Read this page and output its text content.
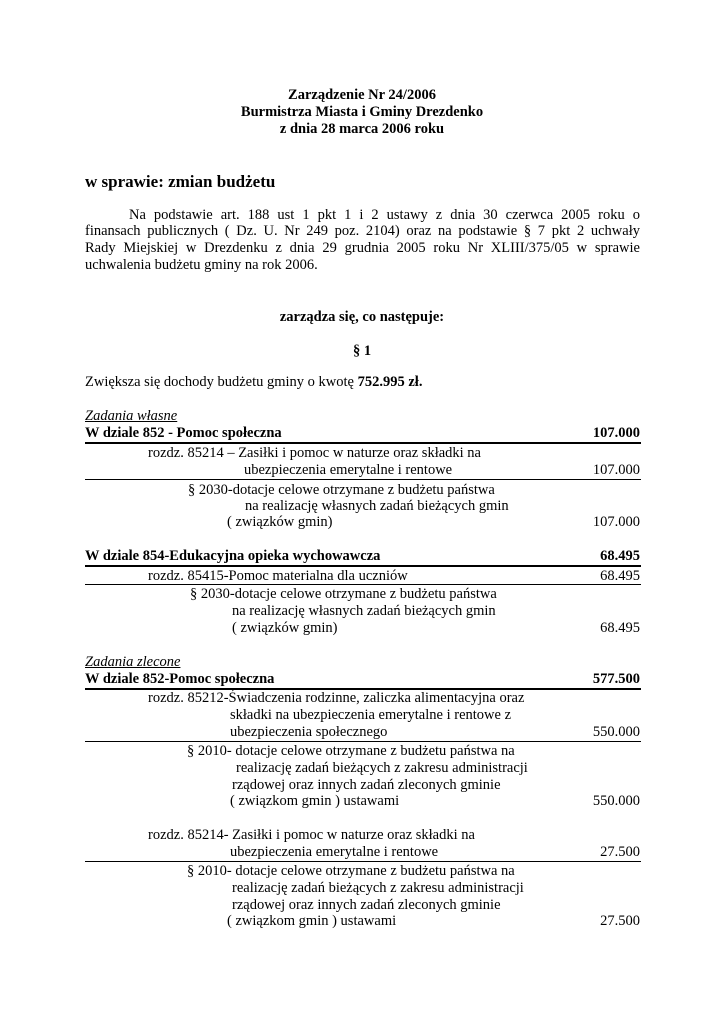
Zarządzenie Nr 24/2006
Burmistrza Miasta i Gminy Drezdenko
z dnia 28 marca 2006 roku
w sprawie: zmian budżetu
Na podstawie art. 188 ust 1 pkt 1 i 2 ustawy z dnia 30 czerwca 2005 roku o
finansach publicznych ( Dz. U. Nr 249 poz. 2104) oraz na podstawie § 7 pkt 2 uchwały
Rady Miejskiej w Drezdenku z dnia 29 grudnia 2005 roku Nr XLIII/375/05 w sprawie
uchwalenia budżetu gminy na rok 2006.
zarządza się, co następuje:
§ 1
Zwiększa się dochody budżetu gminy o kwotę 752.995 zł.
Zadania własne
W dziale 852 - Pomoc społeczna	107.000
rozdz. 85214 – Zasiłki i pomoc w naturze oraz składki na
ubezpieczenia emerytalne i rentowe	107.000
§ 2030-dotacje celowe otrzymane z budżetu państwa
na realizację własnych zadań bieżących gmin
( związków gmin)	107.000
W dziale 854-Edukacyjna opieka wychowawcza	68.495
rozdz. 85415-Pomoc materialna dla uczniów	68.495
§ 2030-dotacje celowe otrzymane z budżetu państwa
na realizację własnych zadań bieżących gmin
( związków gmin)	68.495
Zadania zlecone
W dziale 852-Pomoc społeczna	577.500
rozdz. 85212-Świadczenia rodzinne, zaliczka alimentacyjna oraz
składki na ubezpieczenia emerytalne i rentowe z
ubezpieczenia społecznego	550.000
§ 2010- dotacje celowe otrzymane z budżetu państwa na
realizację zadań bieżących z zakresu administracji
rządowej oraz innych zadań zleconych gminie
( związkom gmin ) ustawami	550.000
rozdz. 85214- Zasiłki i pomoc w naturze oraz składki na
ubezpieczenia emerytalne i rentowe	27.500
§ 2010- dotacje celowe otrzymane z budżetu państwa na
realizację zadań bieżących z zakresu administracji
rządowej oraz innych zadań zleconych gminie
( związkom gmin ) ustawami	27.500
